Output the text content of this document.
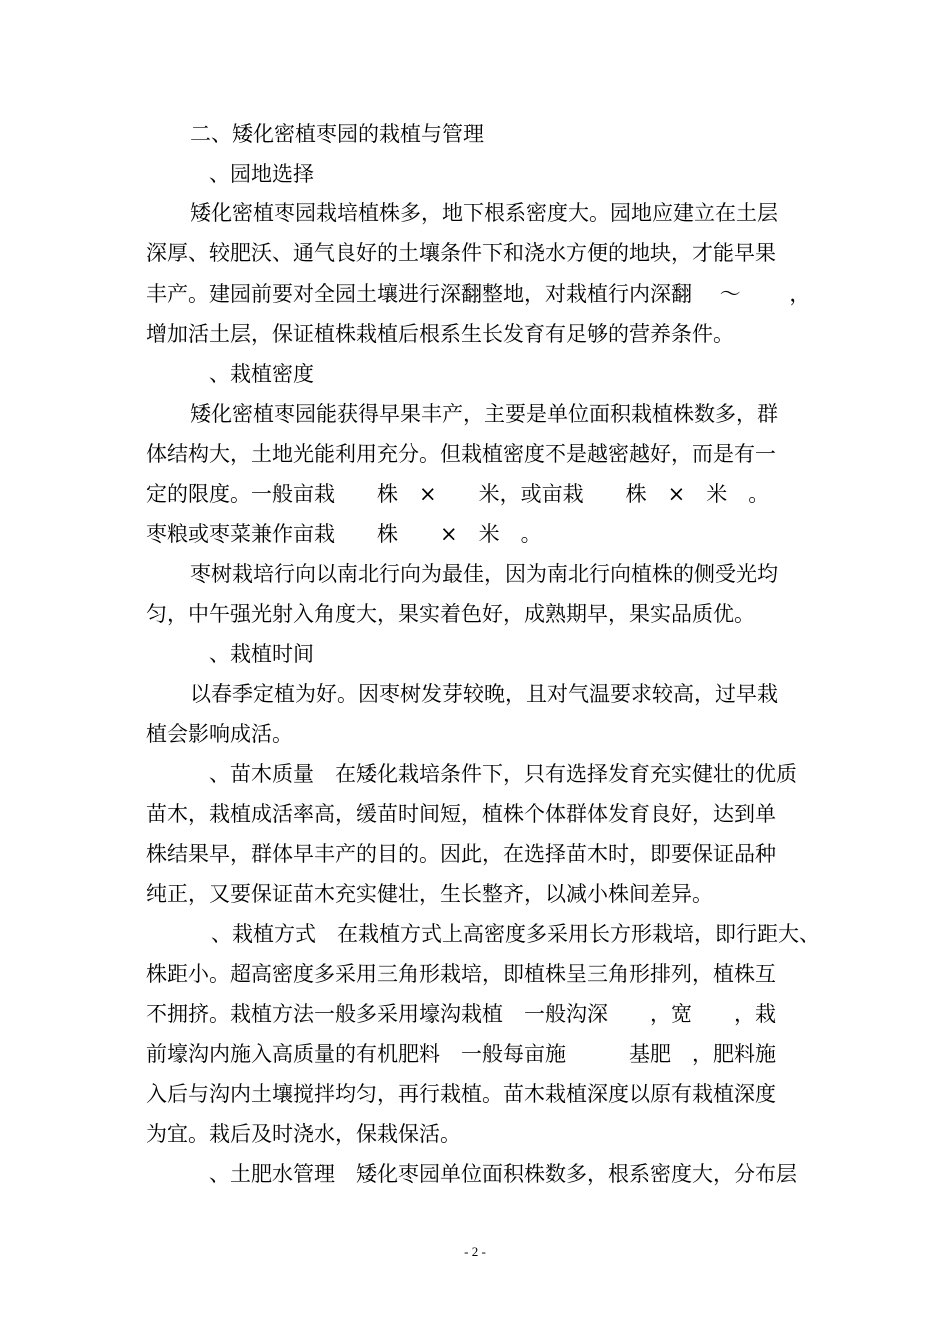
二、矮化密植枣园的栽植与管理
　、园地选择
矮化密植枣园栽培植株多，地下根系密度大。园地应建立在土层
深厚、较肥沃、通气良好的土壤条件下和浇水方便的地块，才能早果
丰产。建园前要对全园土壤进行深翻整地，对栽植行内深翻　 ～　 　，
增加活土层，保证植株栽植后根系生长发育有足够的营养条件。
　、栽植密度
矮化密植枣园能获得早果丰产，主要是单位面积栽植株数多，群
体结构大，土地光能利用充分。但栽植密度不是越密越好，而是有一
定的限度。一般亩栽　　株　×　　米，或亩栽　　株　×　米　。
枣粮或枣菜兼作亩栽　　株　　×　米　。
枣树栽培行向以南北行向为最佳，因为南北行向植株的侧受光均
匀，中午强光射入角度大，果实着色好，成熟期早，果实品质优。
　、栽植时间
以春季定植为好。因枣树发芽较晚，且对气温要求较高，过早栽
植会影响成活。
　、苗木质量　在矮化栽培条件下，只有选择发育充实健壮的优质
苗木，栽植成活率高，缓苗时间短，植株个体群体发育良好，达到单
株结果早，群体早丰产的目的。因此，在选择苗木时，即要保证品种
纯正，又要保证苗木充实健壮，生长整齐，以减小株间差异。
　、栽植方式　在栽植方式上高密度多采用长方形栽培，即行距大、
株距小。超高密度多采用三角形栽培，即植株呈三角形排列，植株互
不拥挤。栽植方法一般多采用壕沟栽植　一般沟深　　，宽　　，栽
前壕沟内施入高质量的有机肥料　一般每亩施　　　基肥　，肥料施
入后与沟内土壤搅拌均匀，再行栽植。苗木栽植深度以原有栽植深度
为宜。栽后及时浇水，保栽保活。
　、土肥水管理　矮化枣园单位面积株数多，根系密度大，分布层
- 2 -
